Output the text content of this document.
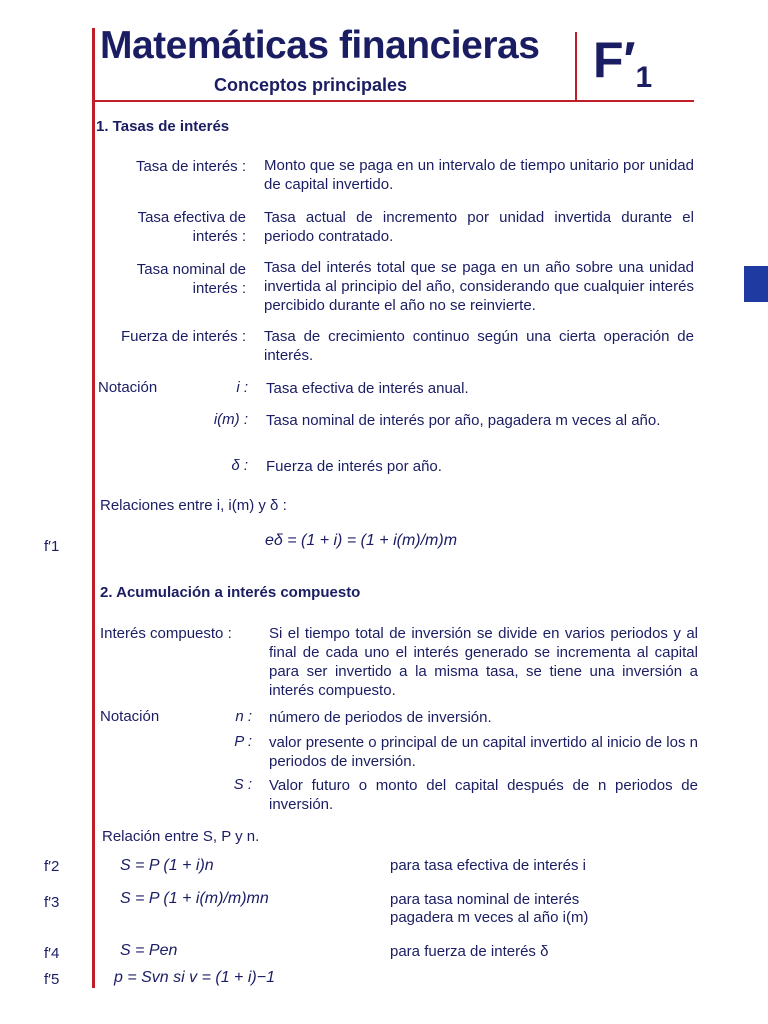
Matemáticas financieras
Conceptos principales	$F'_1$
1. Tasas de interés
Tasa de interés : Monto que se paga en un intervalo de tiempo unitario por unidad de capital invertido.
Tasa efectiva de interés :
Tasa actual de incremento por unidad invertida durante el periodo contratado.
Tasa nominal de interés :
Tasa del interés total que se paga en un año sobre una unidad invertida al principio del año, considerando que cualquier interés percibido durante el año no se reinvierte.
Fuerza de interés : Tasa de crecimiento continuo según una cierta operación de interés.
Notación	i : Tasa efectiva de interés anual.
i(m) : Tasa nominal de interés por año, pagadera m veces al año.
δ : Fuerza de interés por año.
Relaciones entre i, i(m) y δ :
f′1	eδ = (1 + i) = (1 + i(m)/m)m
2. Acumulación a interés compuesto
Interés compuesto : Si el tiempo total de inversión se divide en varios periodos y al final de cada uno el interés generado se incrementa al capital para ser invertido a la misma tasa, se tiene una inversión a interés compuesto.
Notación	n : número de periodos de inversión.
P : valor presente o principal de un capital invertido al inicio de los n periodos de inversión.
S : Valor futuro o monto del capital después de n periodos de inversión.
Relación entre S, P y n.
f′2	S = P (1 + i)n	para tasa efectiva de interés i
f′3	S = P (1 + i(m)/m)mn	para tasa nominal de interés pagadera m veces al año i(m)
f′4	S = Pen	para fuerza de interés δ
f′5	p = Svn si v = (1 + i)−1
